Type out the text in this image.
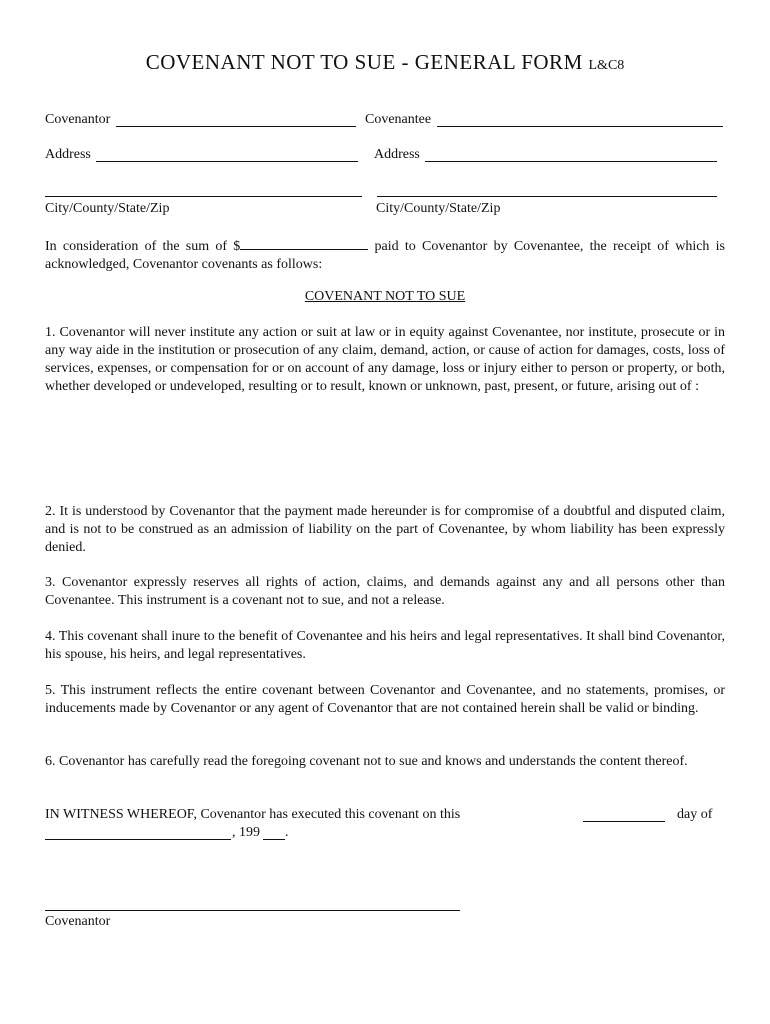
COVENANT NOT TO SUE - GENERAL FORM L&C8
Covenantor	Covenantee
Address	Address
City/County/State/Zip	City/County/State/Zip
In consideration of the sum of $	paid to Covenantor by Covenantee, the receipt of which is acknowledged, Covenantor covenants as follows:
COVENANT NOT TO SUE
1. Covenantor will never institute any action or suit at law or in equity against Covenantee, nor institute, prosecute or in any way aide in the institution or prosecution of any claim, demand, action, or cause of action for damages, costs, loss of services, expenses, or compensation for or on account of any damage, loss or injury either to person or property, or both, whether developed or undeveloped, resulting or to result, known or unknown, past, present, or future, arising out of :
2. It is understood by Covenantor that the payment made hereunder is for compromise of a doubtful and disputed claim, and is not to be construed as an admission of liability on the part of Covenantee, by whom liability has been expressly denied.
3. Covenantor expressly reserves all rights of action, claims, and demands against any and all persons other than Covenantee. This instrument is a covenant not to sue, and not a release.
4. This covenant shall inure to the benefit of Covenantee and his heirs and legal representatives. It shall bind Covenantor, his spouse, his heirs, and legal representatives.
5. This instrument reflects the entire covenant between Covenantor and Covenantee, and no statements, promises, or inducements made by Covenantor or any agent of Covenantor that are not contained herein shall be valid or binding.
6. Covenantor has carefully read the foregoing covenant not to sue and knows and understands the content thereof.
IN WITNESS WHEREOF, Covenantor has executed this covenant on this	day of
, 199 .
Covenantor
